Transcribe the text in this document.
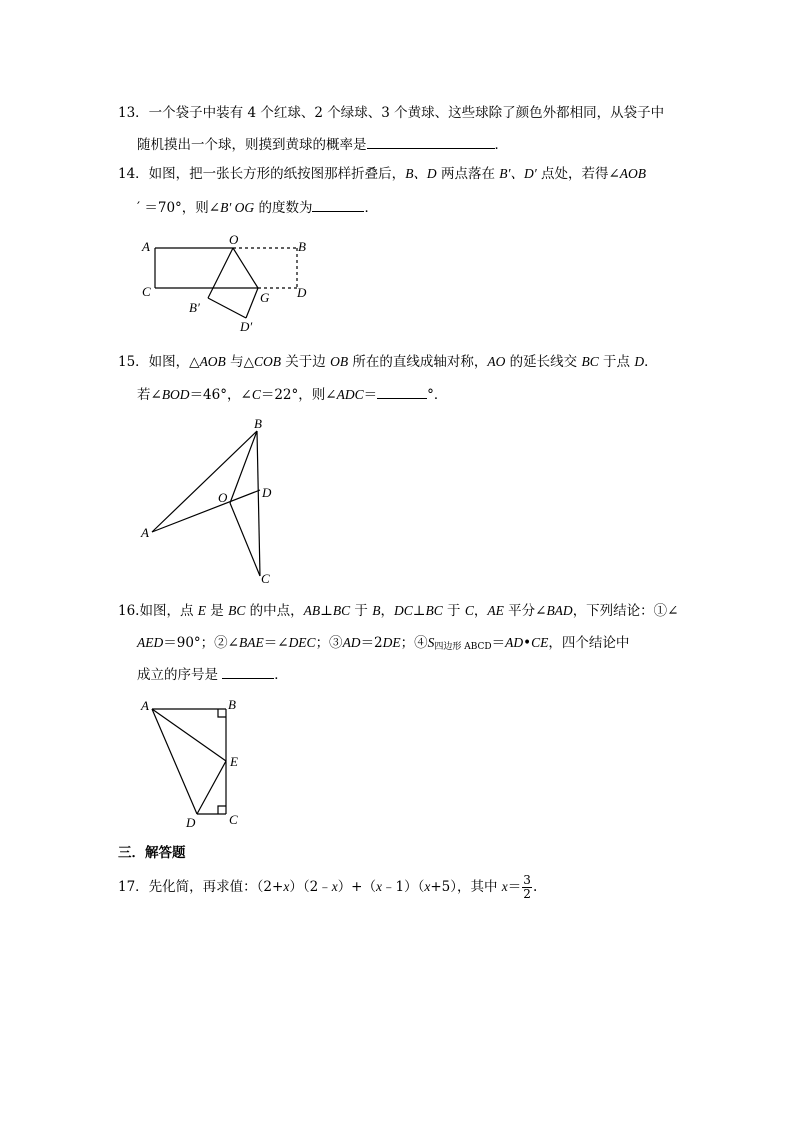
13．一个袋子中装有 4 个红球、2 个绿球、3 个黄球、这些球除了颜色外都相同，从袋子中
随机摸出一个球，则摸到黄球的概率是	．
14．如图，把一张长方形的纸按图那样折叠后，B、D 两点落在 B′、D′ 点处，若得∠AOB
′ ＝70°，则∠B′ OG 的度数为	．
A	O	B
C	G D
B′
D′
15．如图，△AOB 与△COB 关于边 OB 所在的直线成轴对称，AO 的延长线交 BC 于点 D．
若∠BOD＝46°，∠C＝22°，则∠ADC＝	°．
B
O	D
A
C
16.如图，点 E 是 BC 的中点，AB⊥BC 于 B，DC⊥BC 于 C，AE 平分∠BAD，下列结论：①∠
AED＝90°；②∠BAE＝∠DEC；③AD＝2DE；$④S_{四边形 ABCD}=AD•CE$，四个结论中
成立的序号是	．
A	B
E
D	C
三．解答题
17．先化简，再求值：（2+x）（2﹣x）+（x﹣1）（x+5），其中 $x= \frac{3}{2}$ .
